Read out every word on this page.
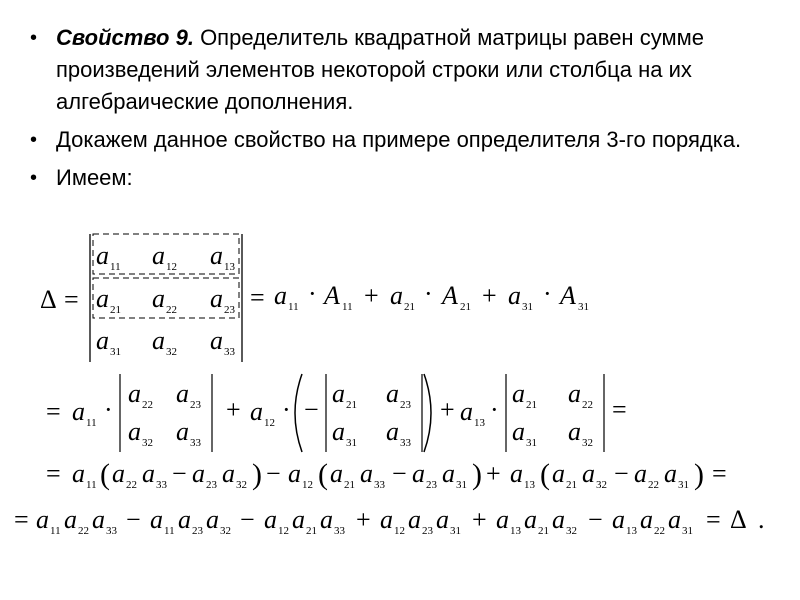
• Свойство 9. Определитель квадратной матрицы равен сумме произведений элементов некоторой строки или столбца на их алгебраические дополнения.
• Докажем данное свойство на примере определителя 3-го порядка.
• Имеем:
Δ =
a 11 a 12 a 13
a 21 a 22 a 23
a 31 a 32 a 33
= a 11 · A 11 + a 21 · A 21 + a 31 · A 31
= a 11 ·
a 22 a 23
a 32 a 33
+ a 12 · −
a 21 a 23
a 31 a 33
+ a 13 ·
a 21 a 22
a 31 a 32
=
= a 11 ( a 22 a 33 − a 23 a 32 ) − a 12 ( a 21 a 33 − a 23 a 31 ) + a 13 ( a 21 a 32 − a 22 a 31 ) =
= a 11 a 22 a 33 − a 11 a 23 a 32 − a 12 a 21 a 33 + a 12 a 23 a 31 + a 13 a 21 a 32 − a 13 a 22 a 31 = Δ .
